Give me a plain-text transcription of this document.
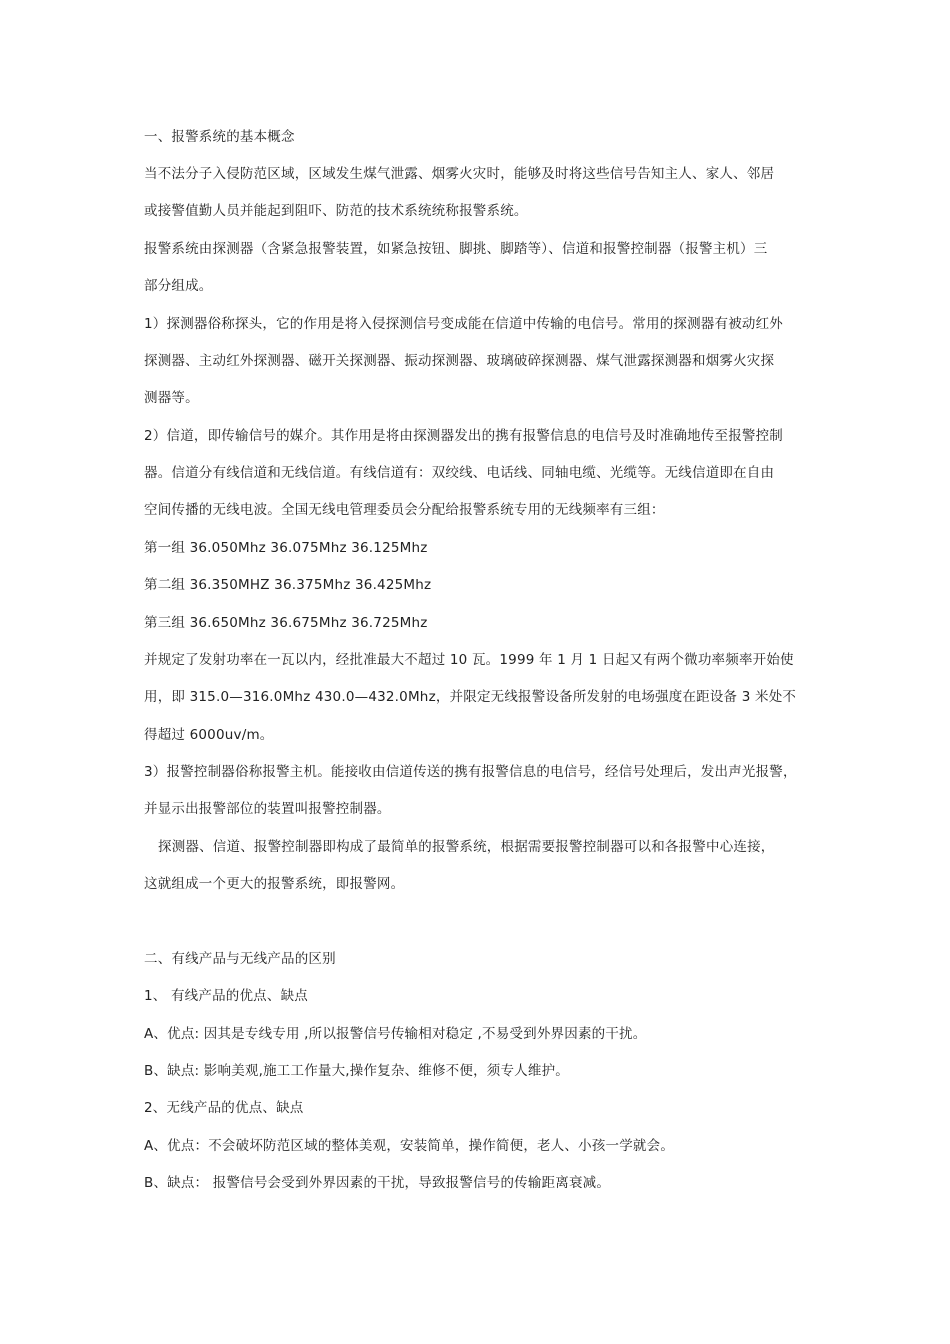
一、报警系统的基本概念
当不法分子入侵防范区域，区域发生煤气泄露、烟雾火灾时，能够及时将这些信号告知主人、家人、邻居
或接警值勤人员并能起到阻吓、防范的技术系统统称报警系统。
报警系统由探测器（含紧急报警装置，如紧急按钮、脚挑、脚踏等）、信道和报警控制器（报警主机）三
部分组成。
1）探测器俗称探头，它的作用是将入侵探测信号变成能在信道中传输的电信号。常用的探测器有被动红外
探测器、主动红外探测器、磁开关探测器、振动探测器、玻璃破碎探测器、煤气泄露探测器和烟雾火灾探
测器等。
2）信道，即传输信号的媒介。其作用是将由探测器发出的携有报警信息的电信号及时准确地传至报警控制
器。信道分有线信道和无线信道。有线信道有：双绞线、电话线、同轴电缆、光缆等。无线信道即在自由
空间传播的无线电波。全国无线电管理委员会分配给报警系统专用的无线频率有三组：
第一组 36.050Mhz 36.075Mhz 36.125Mhz
第二组 36.350MHZ 36.375Mhz 36.425Mhz
第三组 36.650Mhz 36.675Mhz 36.725Mhz
并规定了发射功率在一瓦以内，经批准最大不超过 10 瓦。1999 年 1 月 1 日起又有两个微功率频率开始使
用，即 315.0—316.0Mhz 430.0—432.0Mhz，并限定无线报警设备所发射的电场强度在距设备 3 米处不
得超过 6000uv/m。
3）报警控制器俗称报警主机。能接收由信道传送的携有报警信息的电信号，经信号处理后，发出声光报警，
并显示出报警部位的装置叫报警控制器。
探测器、信道、报警控制器即构成了最简单的报警系统，根据需要报警控制器可以和各报警中心连接，
这就组成一个更大的报警系统，即报警网。
二、有线产品与无线产品的区别
1、 有线产品的优点、缺点
A、优点: 因其是专线专用 ,所以报警信号传输相对稳定 ,不易受到外界因素的干扰。
B、缺点: 影响美观,施工工作量大,操作复杂、维修不便，须专人维护。
2、无线产品的优点、缺点
A、优点：不会破坏防范区域的整体美观，安装简单，操作简便，老人、小孩一学就会。
B、缺点： 报警信号会受到外界因素的干扰，导致报警信号的传输距离衰减。
